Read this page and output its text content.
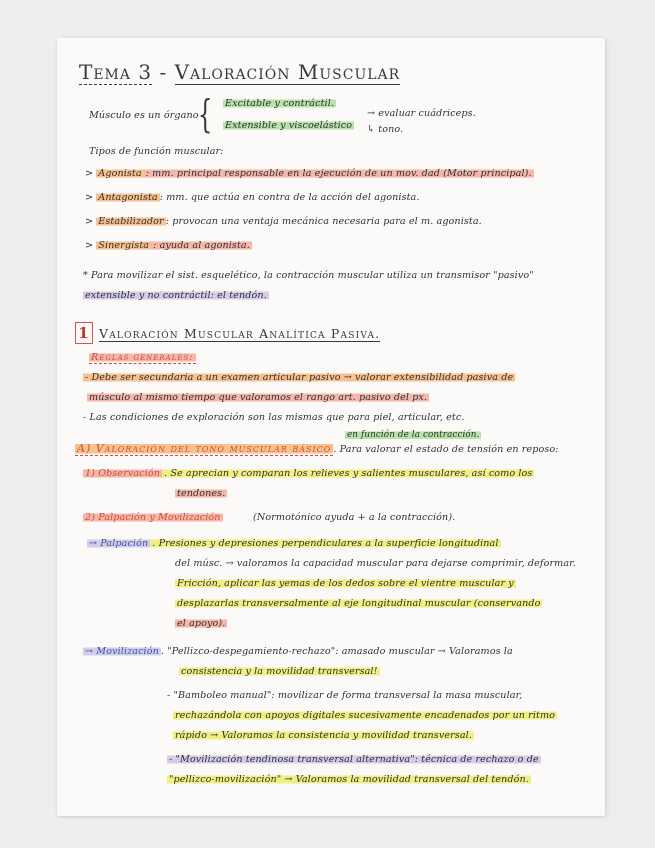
Tema 3 - Valoración Muscular
Músculo es un órgano { Excitable y contráctil.
Extensible y viscoelástico
→ evaluar cuádriceps.
↳ tono.
Tipos de función muscular:
> Agonista : mm. principal responsable en la ejecución de un mov. dad (Motor principal).
> Antagonista : mm. que actúa en contra de la acción del agonista.
> Estabilizador : provocan una ventaja mecánica necesaria para el m. agonista.
> Sinergista : ayuda al agonista.
* Para movilizar el sist. esquelético, la contracción muscular utiliza un transmisor "pasivo"
extensible y no contráctil: el tendón.
1 Valoración Muscular Analítica Pasiva.
Reglas generales:
- Debe ser secundaria a un examen articular pasivo → valorar extensibilidad pasiva de
músculo al mismo tiempo que valoramos el rango art. pasivo del px.
- Las condiciones de exploración son las mismas que para piel, articular, etc.
en función de la contracción.
A) Valoración del tono muscular básico . Para valorar el estado de tensión en reposo:
1) Observación . Se aprecian y comparan los relieves y salientes musculares, así como los
tendones.
2) Palpación y Movilización	(Normotónico ayuda + a la contracción).
→ Palpación . Presiones y depresiones perpendiculares a la superficie longitudinal
del músc. → valoramos la capacidad muscular para dejarse comprimir, deformar.
Fricción, aplicar las yemas de los dedos sobre el vientre muscular y
desplazarlas transversalmente al eje longitudinal muscular (conservando
el apoyo).
→ Movilización . "Pellizco-despegamiento-rechazo": amasado muscular → Valoramos la
consistencia y la movilidad transversal!
- "Bamboleo manual": movilizar de forma transversal la masa muscular,
rechazándola con apoyos digitales sucesivamente encadenados por un ritmo
rápido → Valoramos la consistencia y movilidad transversal.
- "Movilización tendinosa transversal alternativa": técnica de rechazo o de
"pellizco-movilización" → Valoramos la movilidad transversal del tendón.
